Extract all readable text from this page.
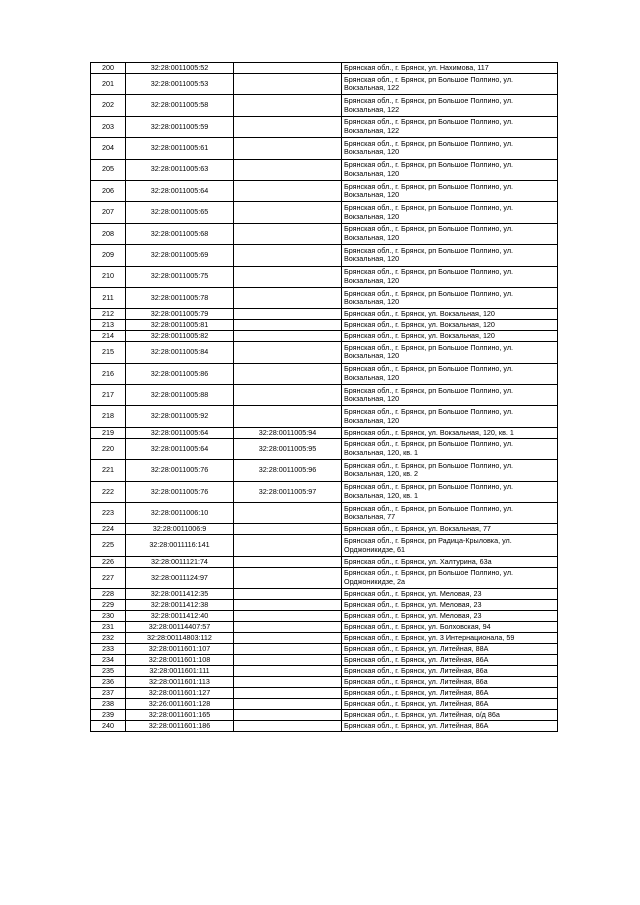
200	32:28:0011005:52		Брянская обл., г. Брянск, ул. Нахимова, 117
201	32:28:0011005:53		Брянская обл., г. Брянск, рп Большое Полпино, ул. Вокзальная, 122
202	32:28:0011005:58		Брянская обл., г. Брянск, рп Большое Полпино, ул. Вокзальная, 122
203	32:28:0011005:59		Брянская обл., г. Брянск, рп Большое Полпино, ул. Вокзальная, 122
204	32:28:0011005:61		Брянская обл., г. Брянск, рп Большое Полпино, ул. Вокзальная, 120
205	32:28:0011005:63		Брянская обл., г. Брянск, рп Большое Полпино, ул. Вокзальная, 120
206	32:28:0011005:64		Брянская обл., г. Брянск, рп Большое Полпино, ул. Вокзальная, 120
207	32:28:0011005:65		Брянская обл., г. Брянск, рп Большое Полпино, ул. Вокзальная, 120
208	32:28:0011005:68		Брянская обл., г. Брянск, рп Большое Полпино, ул. Вокзальная, 120
209	32:28:0011005:69		Брянская обл., г. Брянск, рп Большое Полпино, ул. Вокзальная, 120
210	32:28:0011005:75		Брянская обл., г. Брянск, рп Большое Полпино, ул. Вокзальная, 120
211	32:28:0011005:78		Брянская обл., г. Брянск, рп Большое Полпино, ул. Вокзальная, 120
212	32:28:0011005:79		Брянская обл., г. Брянск, ул. Вокзальная, 120
213	32:28:0011005:81		Брянская обл., г. Брянск, ул. Вокзальная, 120
214	32:28:0011005:82		Брянская обл., г. Брянск, ул. Вокзальная, 120
215	32:28:0011005:84		Брянская обл., г. Брянск, рп Большое Полпино, ул. Вокзальная, 120
216	32:28:0011005:86		Брянская обл., г. Брянск, рп Большое Полпино, ул. Вокзальная, 120
217	32:28:0011005:88		Брянская обл., г. Брянск, рп Большое Полпино, ул. Вокзальная, 120
218	32:28:0011005:92		Брянская обл., г. Брянск, рп Большое Полпино, ул. Вокзальная, 120
219	32:28:0011005:64	32:28:0011005:94	Брянская обл., г. Брянск, ул. Вокзальная, 120, кв. 1
220	32:28:0011005:64	32:28:0011005:95	Брянская обл., г. Брянск, рп Большое Полпино, ул. Вокзальная, 120, кв. 1
221	32:28:0011005:76	32:28:0011005:96	Брянская обл., г. Брянск, рп Большое Полпино, ул. Вокзальная, 120, кв. 2
222	32:28:0011005:76	32:28:0011005:97	Брянская обл., г. Брянск, рп Большое Полпино, ул. Вокзальная, 120, кв. 1
223	32:28:0011006:10		Брянская обл., г. Брянск, рп Большое Полпино, ул. Вокзальная, 77
224	32:28:0011006:9		Брянская обл., г. Брянск, ул. Вокзальная, 77
225	32:28:0011116:141		Брянская обл., г. Брянск, рп Радица-Крыловка, ул. Орджоникидзе, 61
226	32:28:0011121:74		Брянская обл., г. Брянск, ул. Халтурина, 63а
227	32:28:0011124:97		Брянская обл., г. Брянск, рп Большое Полпино, ул. Орджоникидзе, 2а
228	32:28:0011412:35		Брянская обл., г. Брянск, ул. Меловая, 23
229	32:28:0011412:38		Брянская обл., г. Брянск, ул. Меловая, 23
230	32:28:0011412:40		Брянская обл., г. Брянск, ул. Меловая, 23
231	32:28:00114407:57		Брянская обл., г. Брянск, ул. Болховская, 94
232	32:28:00114803:112		Брянская обл., г. Брянск, ул. 3 Интернационала, 59
233	32:28:0011601:107		Брянская обл., г. Брянск, ул. Литейная, 88А
234	32:28:0011601:108		Брянская обл., г. Брянск, ул. Литейная, 86А
235	32:28:0011601:111		Брянская обл., г. Брянск, ул. Литейная, 86а
236	32:28:0011601:113		Брянская обл., г. Брянск, ул. Литейная, 86а
237	32:28:0011601:127		Брянская обл., г. Брянск, ул. Литейная, 86А
238	32:26:0011601:128		Брянская обл., г. Брянск, ул. Литейная, 86А
239	32:28:0011601:165		Брянская обл., г. Брянск, ул. Литейная, о/д 86а
240	32:28:0011601:186		Брянская обл., г. Брянск, ул. Литейная, 86А
